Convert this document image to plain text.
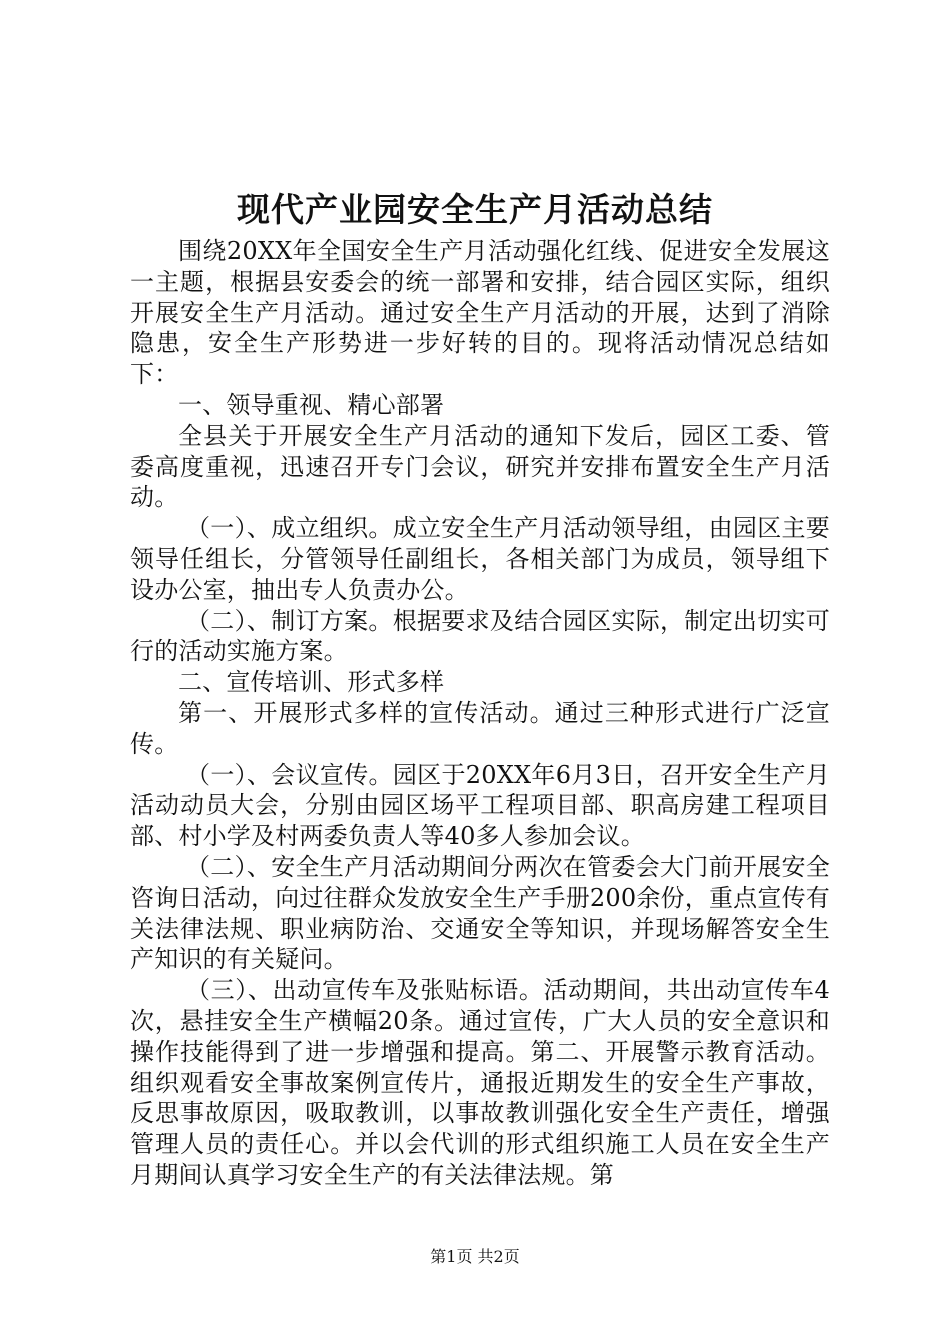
现代产业园安全生产月活动总结

围绕20XX年全国安全生产月活动强化红线、促进安全发展这一主题，根据县安委会的统一部署和安排，结合园区实际，组织开展安全生产月活动。通过安全生产月活动的开展，达到了消除隐患，安全生产形势进一步好转的目的。现将活动情况总结如下：

一、领导重视、精心部署

全县关于开展安全生产月活动的通知下发后，园区工委、管委高度重视，迅速召开专门会议，研究并安排布置安全生产月活动。

（一）、成立组织。成立安全生产月活动领导组，由园区主要领导任组长，分管领导任副组长，各相关部门为成员，领导组下设办公室，抽出专人负责办公。

（二）、制订方案。根据要求及结合园区实际，制定出切实可行的活动实施方案。

二、宣传培训、形式多样

第一、开展形式多样的宣传活动。通过三种形式进行广泛宣传。

（一）、会议宣传。园区于20XX年6月3日，召开安全生产月活动动员大会，分别由园区场平工程项目部、职高房建工程项目部、村小学及村两委负责人等40多人参加会议。

（二）、安全生产月活动期间分两次在管委会大门前开展安全咨询日活动，向过往群众发放安全生产手册200余份，重点宣传有关法律法规、职业病防治、交通安全等知识，并现场解答安全生产知识的有关疑问。

（三）、出动宣传车及张贴标语。活动期间，共出动宣传车4次，悬挂安全生产横幅20条。通过宣传，广大人员的安全意识和操作技能得到了进一步增强和提高。第二、开展警示教育活动。组织观看安全事故案例宣传片，通报近期发生的安全生产事故，反思事故原因，吸取教训，以事故教训强化安全生产责任，增强管理人员的责任心。并以会代训的形式组织施工人员在安全生产月期间认真学习安全生产的有关法律法规。第

第1页 共2页
